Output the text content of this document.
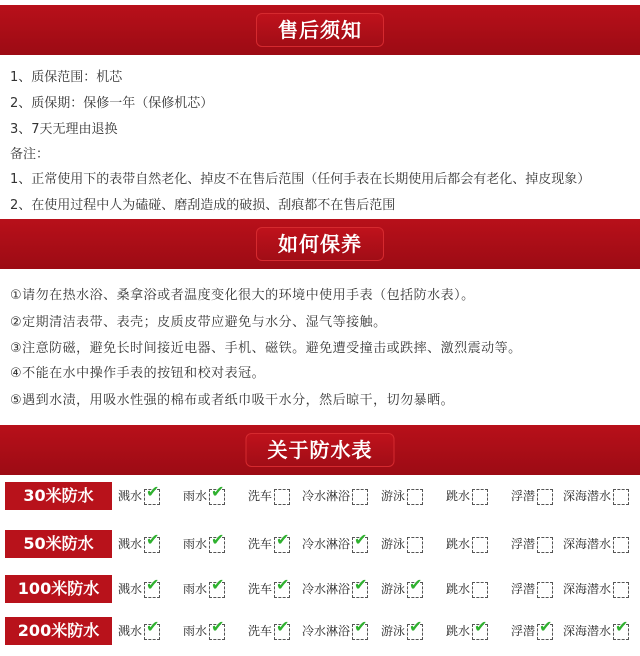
售后须知
1、质保范围：机芯
2、质保期：保修一年（保修机芯）
3、7天无理由退换
备注：
1、正常使用下的表带自然老化、掉皮不在售后范围（任何手表在长期使用后都会有老化、掉皮现象）
2、在使用过程中人为磕碰、磨刮造成的破损、刮痕都不在售后范围
如何保养
①请勿在热水浴、桑拿浴或者温度变化很大的环境中使用手表（包括防水表）。
②定期清洁表带、表壳；皮质皮带应避免与水分、湿气等接触。
③注意防磁，避免长时间接近电器、手机、磁铁。避免遭受撞击或跌摔、激烈震动等。
④不能在水中操作手表的按钮和校对表冠。
⑤遇到水渍，用吸水性强的棉布或者纸巾吸干水分，然后晾干，切勿暴晒。
关于防水表
30米防水	溅水 ✔ 雨水 ✔ 洗车	冷水淋浴	游泳	跳水	浮潜	深海潜水
50米防水	溅水 ✔ 雨水 ✔ 洗车 ✔ 冷水淋浴 ✔ 游泳	跳水	浮潜	深海潜水
100米防水	溅水 ✔ 雨水 ✔ 洗车 ✔ 冷水淋浴 ✔ 游泳 ✔ 跳水	浮潜	深海潜水
200米防水	溅水 ✔ 雨水 ✔ 洗车 ✔ 冷水淋浴 ✔ 游泳 ✔ 跳水 ✔ 浮潜 ✔ 深海潜水 ✔
